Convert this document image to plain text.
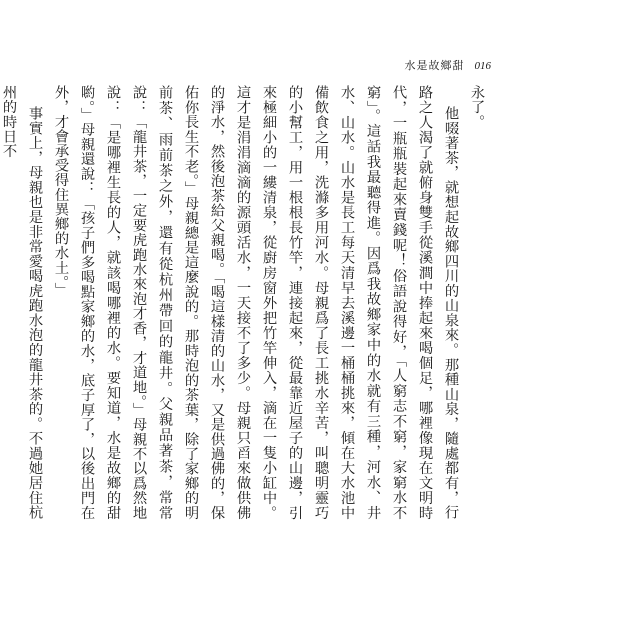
水是故鄉甜 016

永了。

他啜著茶，就想起故鄉四川的山泉來。那種山泉，隨處都有，行路之人渴了就俯身雙手從溪澗中捧起來喝個足，哪裡像現在文明時代，一瓶瓶裝起來賣錢呢！俗語說得好，「人窮志不窮，家窮水不窮」。這話我最聽得進。因爲我故鄉家中的水就有三種，河水、井水、山水。山水是長工每天清早去溪邊一桶桶挑來，傾在大水池中備飲食之用，洗滌多用河水。母親爲了長工挑水辛苦，叫聰明靈巧的小幫工，用一根根長竹竿，連接起來，從最靠近屋子的山邊，引來極細小的一縷清泉，從廚房窗外把竹竿伸入，滴在一隻小缸中。這才是涓涓滴滴的源頭活水，一天接不了多少。母親只舀來做供佛的淨水，然後泡茶給父親喝。「喝這樣清的山水，又是供過佛的，保佑你長生不老。」母親總是這麼說的。那時泡的茶葉，除了家鄉的明前茶、雨前茶之外，還有從杭州帶回的龍井。父親品著茶，常常說：「龍井茶，一定要虎跑水來泡才香，才道地。」母親不以爲然地說：「是哪裡生長的人，就該喝哪裡的水。要知道，水是故鄉的甜喲。」母親還說：「孩子們多喝點家鄉的水，底子厚了，以後出門在外，才會承受得住異鄉的水土。」

事實上，母親也是非常愛喝虎跑水泡的龍井茶的。不過她居住杭州的時日不
